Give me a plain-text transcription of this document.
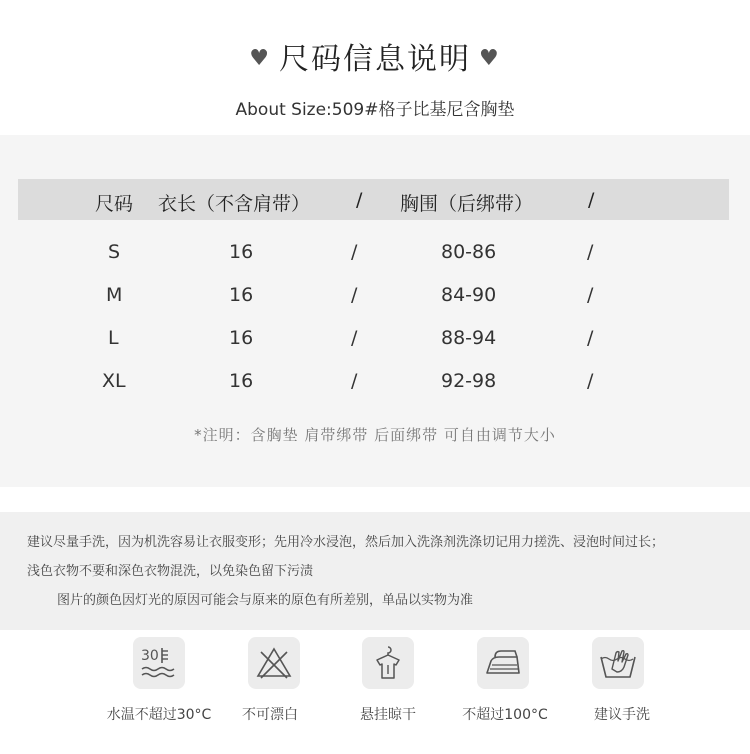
♥ 尺码信息说明 ♥
About Size:509#格子比基尼含胸垫
尺码 衣长（不含肩带） / 胸围（后绑带）	/
S	16	/	80-86	/
M	16	/	84-90	/
L	16	/	88-94	/
XL	16	/	92-98	/
*注明：含胸垫 肩带绑带 后面绑带 可自由调节大小
建议尽量手洗，因为机洗容易让衣服变形；先用冷水浸泡，然后加入洗涤剂洗涤切记用力搓洗、浸泡时间过长；
浅色衣物不要和深色衣物混洗，以免染色留下污渍
图片的颜色因灯光的原因可能会与原来的原色有所差别，单品以实物为准
30
水温不超过30°C	不可漂白	悬挂晾干	不超过100°C	建议手洗
